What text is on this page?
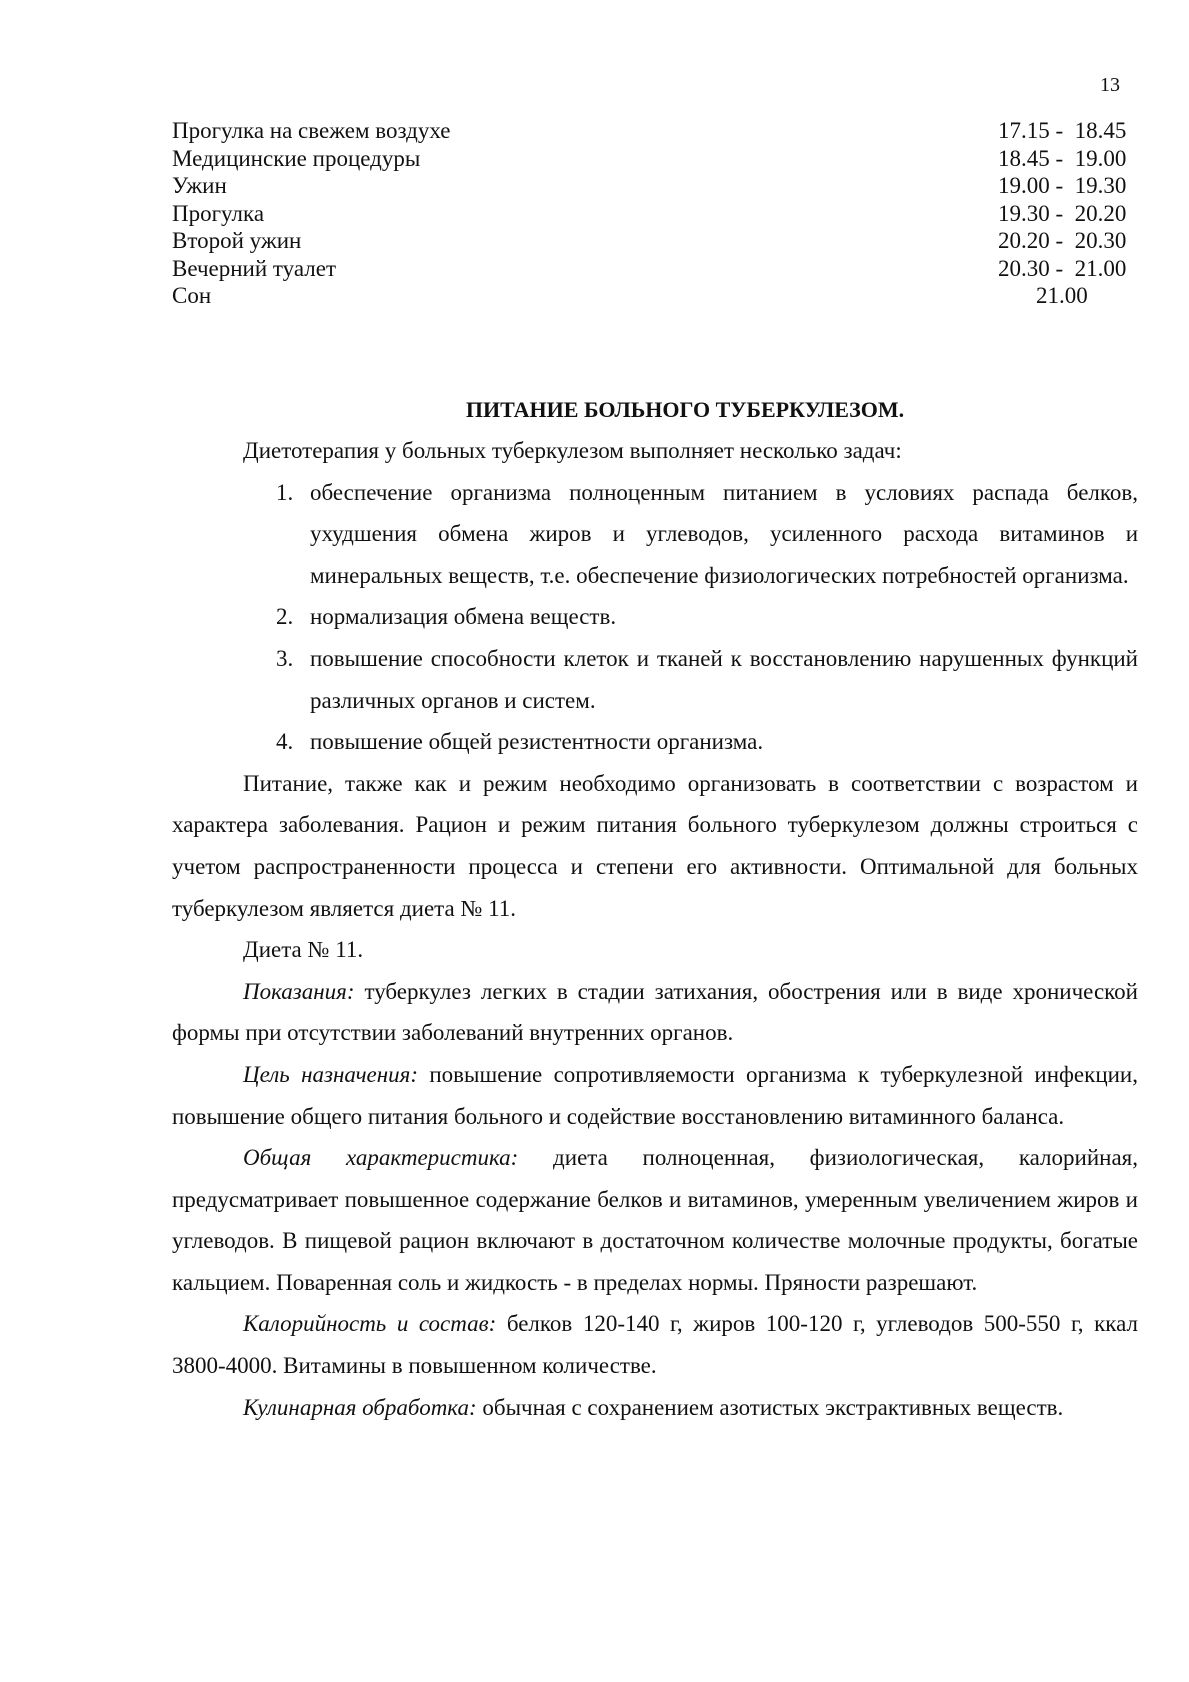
13
Прогулка на свежем воздухе	17.15 -  18.45
Медицинские процедуры	18.45 -  19.00
Ужин	19.00 -  19.30
Прогулка	19.30 -  20.20
Второй ужин	20.20 -  20.30
Вечерний туалет	20.30 -  21.00
Сон	21.00
ПИТАНИЕ БОЛЬНОГО ТУБЕРКУЛЕЗОМ.

Диетотерапия у больных туберкулезом выполняет несколько задач:

1. обеспечение организма полноценным питанием в условиях распада белков, ухудшения обмена жиров и углеводов, усиленного расхода витаминов и минеральных веществ, т.е. обеспечение физиологических потребностей организма.
2. нормализация обмена веществ.
3. повышение способности клеток и тканей к восстановлению нарушенных функций различных органов и систем.
4. повышение общей резистентности организма.

Питание, также как и режим необходимо организовать в соответствии с возрастом и характера заболевания. Рацион и режим питания больного туберкулезом должны строиться с учетом распространенности процесса и степени его активности. Оптимальной для больных туберкулезом является диета № 11.

Диета № 11.

Показания: туберкулез легких в стадии затихания, обострения или в виде хронической формы при отсутствии заболеваний внутренних органов.

Цель назначения: повышение сопротивляемости организма к туберкулезной инфекции, повышение общего питания больного и содействие восстановлению витаминного баланса.

Общая характеристика: диета полноценная, физиологическая, калорийная, предусматривает повышенное содержание белков и витаминов, умеренным увеличением жиров и углеводов. В пищевой рацион включают в достаточном количестве молочные продукты, богатые кальцием. Поваренная соль и жидкость - в пределах нормы. Пряности разрешают.

Калорийность и состав: белков 120-140 г, жиров 100-120 г, углеводов 500-550 г, ккал 3800-4000. Витамины в повышенном количестве.

Кулинарная обработка: обычная с сохранением азотистых экстрактивных веществ.
